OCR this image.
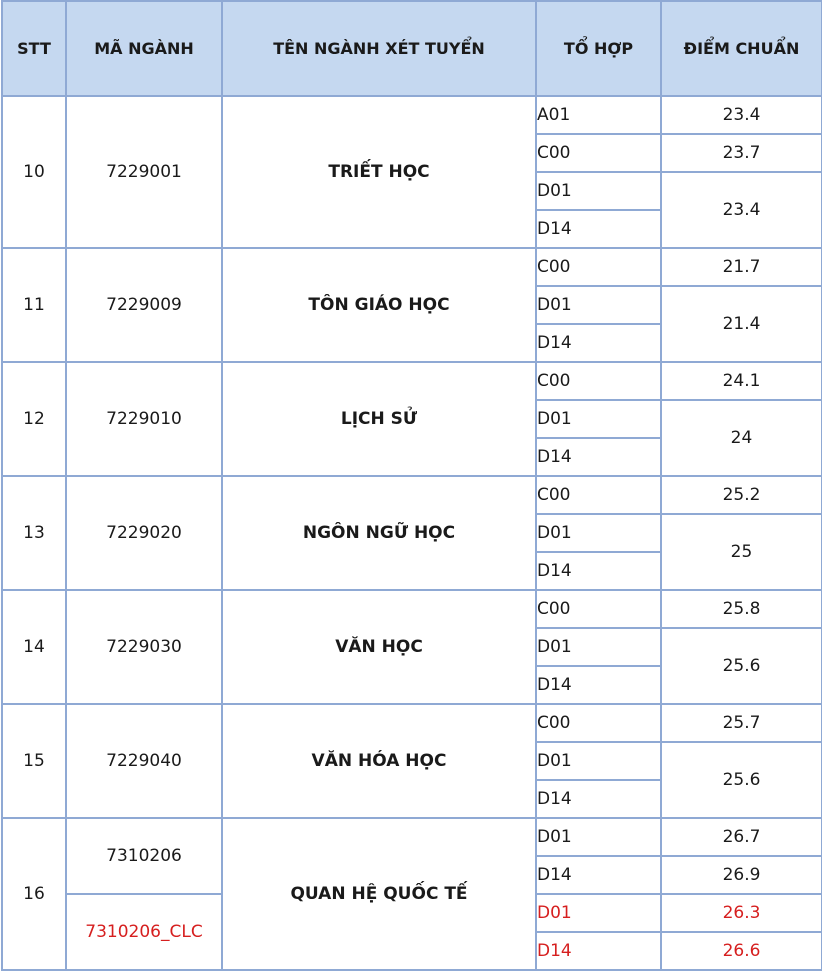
STT	MÃ NGÀNH	TÊN NGÀNH XÉT TUYỂN	TỔ HỢP	ĐIỂM CHUẨN
10	7229001	TRIẾT HỌC	A01	23.4
			C00	23.7
			D01	23.4
			D14	
11	7229009	TÔN GIÁO HỌC	C00	21.7
			D01	21.4
			D14	
12	7229010	LỊCH SỬ	C00	24.1
			D01	24
			D14	
13	7229020	NGÔN NGỮ HỌC	C00	25.2
			D01	25
			D14	
14	7229030	VĂN HỌC	C00	25.8
			D01	25.6
			D14	
15	7229040	VĂN HÓA HỌC	C00	25.7
			D01	25.6
			D14	
16	7310206	QUAN HỆ QUỐC TẾ	D01	26.7
			D14	26.9
	7310206_CLC		D01	26.3
			D14	26.6
